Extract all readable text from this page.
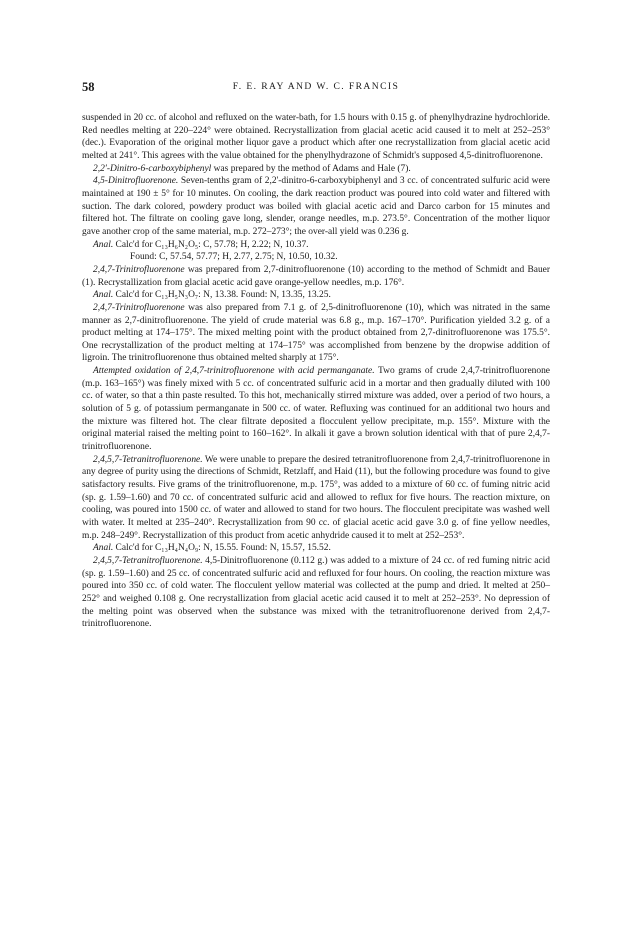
58	F. E. RAY AND W. C. FRANCIS

suspended in 20 cc. of alcohol and refluxed on the water-bath, for 1.5 hours with 0.15 g. of phenylhydrazine hydrochloride. Red needles melting at 220–224° were obtained. Recrystallization from glacial acetic acid caused it to melt at 252–253° (dec.). Evaporation of the original mother liquor gave a product which after one recrystallization from glacial acetic acid melted at 241°. This agrees with the value obtained for the phenylhydrazone of Schmidt's supposed 4,5-dinitrofluorenone.

2,2'-Dinitro-6-carboxybiphenyl was prepared by the method of Adams and Hale (7).

4,5-Dinitrofluorenone. Seven-tenths gram of 2,2'-dinitro-6-carboxybiphenyl and 3 cc. of concentrated sulfuric acid were maintained at 190 ± 5° for 10 minutes. On cooling, the dark reaction product was poured into cold water and filtered with suction. The dark colored, powdery product was boiled with glacial acetic acid and Darco carbon for 15 minutes and filtered hot. The filtrate on cooling gave long, slender, orange needles, m.p. 273.5°. Concentration of the mother liquor gave another crop of the same material, m.p. 272–273°; the over-all yield was 0.236 g.

Anal. Calc'd for C₁₃H₆N₂O₅: C, 57.78; H, 2.22; N, 10.37.

Found: C, 57.54, 57.77; H, 2.77, 2.75; N, 10.50, 10.32.

2,4,7-Trinitrofluorenone was prepared from 2,7-dinitrofluorenone (10) according to the method of Schmidt and Bauer (1). Recrystallization from glacial acetic acid gave orange-yellow needles, m.p. 176°.

Anal. Calc'd for C₁₃H₅N₃O₇: N, 13.38. Found: N, 13.35, 13.25.

2,4,7-Trinitrofluorenone was also prepared from 7.1 g. of 2,5-dinitrofluorenone (10), which was nitrated in the same manner as 2,7-dinitrofluorenone. The yield of crude material was 6.8 g., m.p. 167–170°. Purification yielded 3.2 g. of a product melting at 174–175°. The mixed melting point with the product obtained from 2,7-dinitrofluorenone was 175.5°. One recrystallization of the product melting at 174–175° was accomplished from benzene by the dropwise addition of ligroin. The trinitrofluorenone thus obtained melted sharply at 175°.

Attempted oxidation of 2,4,7-trinitrofluorenone with acid permanganate. Two grams of crude 2,4,7-trinitrofluorenone (m.p. 163–165°) was finely mixed with 5 cc. of concentrated sulfuric acid in a mortar and then gradually diluted with 100 cc. of water, so that a thin paste resulted. To this hot, mechanically stirred mixture was added, over a period of two hours, a solution of 5 g. of potassium permanganate in 500 cc. of water. Refluxing was continued for an additional two hours and the mixture was filtered hot. The clear filtrate deposited a flocculent yellow precipitate, m.p. 155°. Mixture with the original material raised the melting point to 160–162°. In alkali it gave a brown solution identical with that of pure 2,4,7-trinitrofluorenone.

2,4,5,7-Tetranitrofluorenone. We were unable to prepare the desired tetranitrofluorenone from 2,4,7-trinitrofluorenone in any degree of purity using the directions of Schmidt, Retzlaff, and Haid (11), but the following procedure was found to give satisfactory results. Five grams of the trinitrofluorenone, m.p. 175°, was added to a mixture of 60 cc. of fuming nitric acid (sp. g. 1.59–1.60) and 70 cc. of concentrated sulfuric acid and allowed to reflux for five hours. The reaction mixture, on cooling, was poured into 1500 cc. of water and allowed to stand for two hours. The flocculent precipitate was washed well with water. It melted at 235–240°. Recrystallization from 90 cc. of glacial acetic acid gave 3.0 g. of fine yellow needles, m.p. 248–249°. Recrystallization of this product from acetic anhydride caused it to melt at 252–253°.

Anal. Calc'd for C₁₃H₄N₄O₉: N, 15.55. Found: N, 15.57, 15.52.

2,4,5,7-Tetranitrofluorenone. 4,5-Dinitrofluorenone (0.112 g.) was added to a mixture of 24 cc. of red fuming nitric acid (sp. g. 1.59–1.60) and 25 cc. of concentrated sulfuric acid and refluxed for four hours. On cooling, the reaction mixture was poured into 350 cc. of cold water. The flocculent yellow material was collected at the pump and dried. It melted at 250–252° and weighed 0.108 g. One recrystallization from glacial acetic acid caused it to melt at 252–253°. No depression of the melting point was observed when the substance was mixed with the tetranitrofluorenone derived from 2,4,7-trinitrofluorenone.
